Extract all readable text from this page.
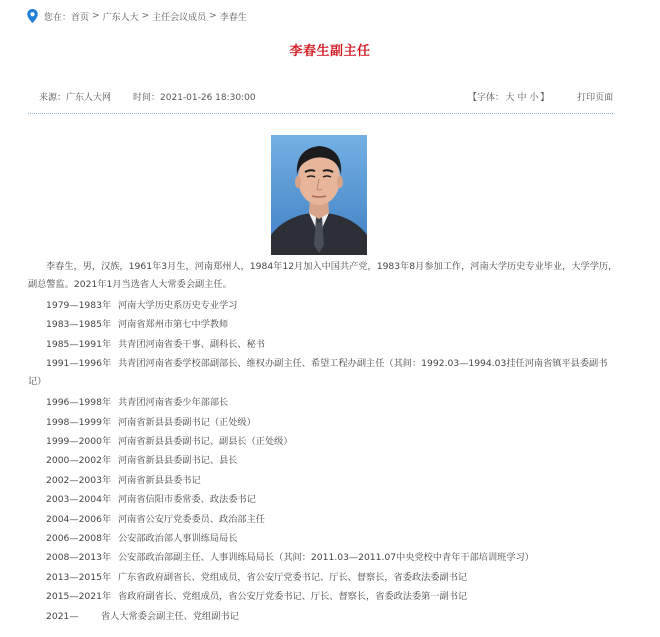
您在： 首页 > 广东人大 > 主任会议成员 > 李春生
李春生副主任
来源：广东人大网 时间：2021-01-26 18:30:00	【字体： 大 中 小 】	打印页面

李春生，男，汉族，1961年3月生，河南郑州人，1984年12月加入中国共产党，1983年8月参加工作，河南大学历史专业毕业，大学学历，副总警监。2021年1月当选省人大常委会副主任。

1979—1983年 河南大学历史系历史专业学习

1983—1985年 河南省郑州市第七中学教师

1985—1991年 共青团河南省委干事、副科长、秘书

1991—1996年 共青团河南省委学校部副部长、维权办副主任、希望工程办副主任（其间：1992.03—1994.03挂任河南省镇平县委副书记）

1996—1998年 共青团河南省委少年部部长

1998—1999年 河南省新县县委副书记（正处级）

1999—2000年 河南省新县县委副书记、副县长（正处级）

2000—2002年 河南省新县县委副书记、县长

2002—2003年 河南省新县县委书记

2003—2004年 河南省信阳市委常委、政法委书记

2004—2006年 河南省公安厅党委委员、政治部主任

2006—2008年 公安部政治部人事训练局局长

2008—2013年 公安部政治部副主任、人事训练局局长（其间：2011.03—2011.07中央党校中青年干部培训班学习）

2013—2015年 广东省政府副省长、党组成员，省公安厅党委书记、厅长、督察长，省委政法委副书记

2015—2021年 省政府副省长、党组成员，省公安厅党委书记、厅长、督察长，省委政法委第一副书记

2021— 省人大常委会副主任、党组副书记
